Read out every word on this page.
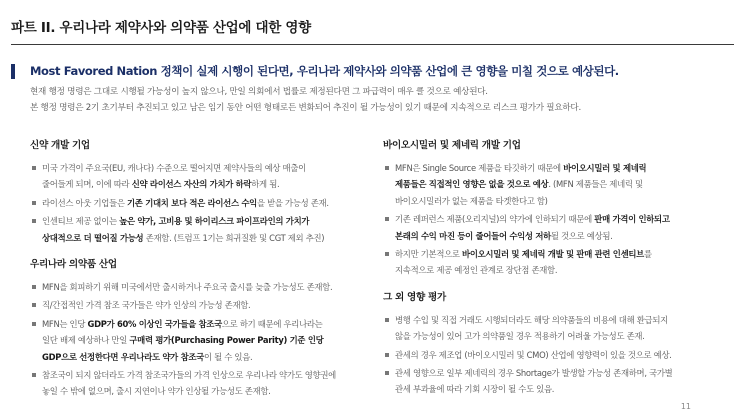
파트 II. 우리나라 제약사와 의약품 산업에 대한 영향
Most Favored Nation 정책이 실제 시행이 된다면, 우리나라 제약사와 의약품 산업에 큰 영향을 미칠 것으로 예상된다.
현재 행정 명령은 그대로 시행될 가능성이 높지 않으나, 만일 의회에서 법률로 제정된다면 그 파급력이 매우 클 것으로 예상된다.
본 행정 명령은 2기 초기부터 추진되고 있고 남은 임기 동안 어떤 형태로든 변화되어 추진이 될 가능성이 있기 때문에 지속적으로 리스크 평가가 필요하다.
신약 개발 기업
미국 가격이 주요국(EU, 캐나다) 수준으로 떨어지면 제약사들의 예상 매출이
줄어들게 되며, 이에 따라 신약 라이선스 자산의 가치가 하락하게 됨.
라이선스 아웃 기업들은 기존 기대치 보다 적은 라이선스 수익을 받을 가능성 존재.
인센티브 제공 없이는 높은 약가, 고비용 및 하이리스크 파이프라인의 가치가
상대적으로 더 떨어질 가능성 존재함. (트럼프 1기는 희귀질환 및 CGT 제외 추진)
우리나라 의약품 산업
MFN을 회피하기 위해 미국에서만 출시하거나 주요국 출시를 늦출 가능성도 존재함.
직/간접적인 가격 참조 국가들은 약가 인상의 가능성 존재함.
MFN는 인당 GDP가 60% 이상인 국가들을 참조국으로 하기 때문에 우리나라는
일단 배제 예상하나 만일 구매력 평가(Purchasing Power Parity) 기준 인당
GDP으로 선정한다면 우리나라도 약가 참조국이 될 수 있음.
참조국이 되지 않더라도 가격 참조국가들의 가격 인상으로 우리나라 약가도 영향권에
놓일 수 밖에 없으며, 출시 지연이나 약가 인상될 가능성도 존재함.
바이오시밀러 및 제네릭 개발 기업
MFN은 Single Source 제품을 타깃하기 때문에 바이오시밀러 및 제네릭
제품들은 직접적인 영향은 없을 것으로 예상. (MFN 제품들은 제네릭 및
바이오시밀러가 없는 제품을 타겟한다고 함)
기존 레퍼런스 제품(오리지널)의 약가에 인하되기 때문에 판매 가격이 인하되고
본래의 수익 마진 등이 줄어들어 수익성 저하될 것으로 예상됨.
하지만 기본적으로 바이오시밀러 및 제네릭 개발 및 판매 관련 인센티브를
지속적으로 제공 예정인 관계로 장단점 존재함.
그 외 영향 평가
병행 수입 및 직접 거래도 시행되더라도 해당 의약품들의 비용에 대해 환급되지
않을 가능성이 있어 고가 의약품일 경우 적용하기 어려울 가능성도 존재.
관세의 경우 제조업 (바이오시밀러 및 CMO) 산업에 영향력이 있을 것으로 예상.
관세 영향으로 일부 제네릭의 경우 Shortage가 발생할 가능성 존재하며, 국가별
관세 부과율에 따라 기회 시장이 될 수도 있음.
11
